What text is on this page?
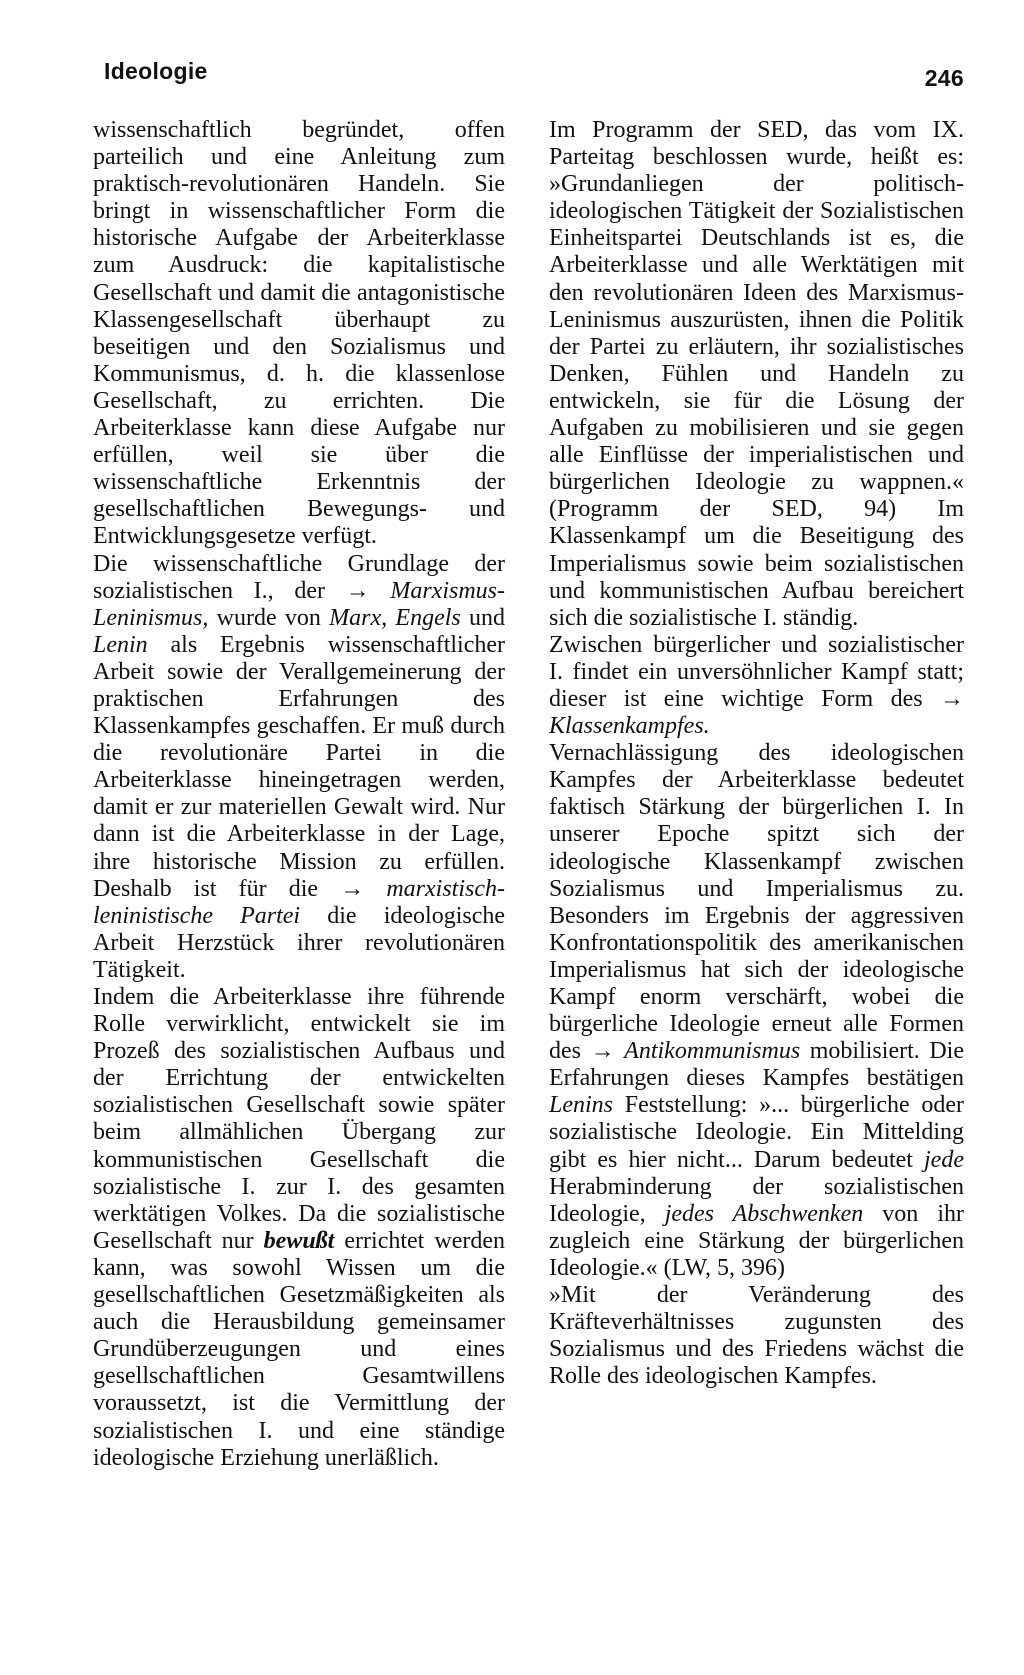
Ideologie	246

wissenschaftlich begründet, offen parteilich und eine Anleitung zum praktisch-revolutionären Handeln. Sie bringt in wissenschaftlicher Form die historische Aufgabe der Arbeiterklasse zum Ausdruck: die kapitalistische Gesellschaft und damit die antagonistische Klassengesellschaft überhaupt zu beseitigen und den Sozialismus und Kommunismus, d. h. die klassenlose Gesellschaft, zu errichten. Die Arbeiterklasse kann diese Aufgabe nur erfüllen, weil sie über die wissenschaftliche Erkenntnis der gesellschaftlichen Bewegungs- und Entwicklungsgesetze verfügt.

Die wissenschaftliche Grundlage der sozialistischen I., der → Marxismus-Leninismus, wurde von Marx, Engels und Lenin als Ergebnis wissenschaftlicher Arbeit sowie der Verallgemeinerung der praktischen Erfahrungen des Klassenkampfes geschaffen. Er muß durch die revolutionäre Partei in die Arbeiterklasse hineingetragen werden, damit er zur materiellen Gewalt wird. Nur dann ist die Arbeiterklasse in der Lage, ihre historische Mission zu erfüllen. Deshalb ist für die → marxistisch-leninistische Partei die ideologische Arbeit Herzstück ihrer revolutionären Tätigkeit.

Indem die Arbeiterklasse ihre führende Rolle verwirklicht, entwickelt sie im Prozeß des sozialistischen Aufbaus und der Errichtung der entwickelten sozialistischen Gesellschaft sowie später beim allmählichen Übergang zur kommunistischen Gesellschaft die sozialistische I. zur I. des gesamten werktätigen Volkes. Da die sozialistische Gesellschaft nur bewußt errichtet werden kann, was sowohl Wissen um die gesellschaftlichen Gesetzmäßigkeiten als auch die Herausbildung gemeinsamer Grundüberzeugungen und eines gesellschaftlichen Gesamtwillens voraussetzt, ist die Vermittlung der sozialistischen I. und eine ständige ideologische Erziehung unerläßlich.

Im Programm der SED, das vom IX. Parteitag beschlossen wurde, heißt es: »Grundanliegen der politisch-ideologischen Tätigkeit der Sozialistischen Einheitspartei Deutschlands ist es, die Arbeiterklasse und alle Werktätigen mit den revolutionären Ideen des Marxismus-Leninismus auszurüsten, ihnen die Politik der Partei zu erläutern, ihr sozialistisches Denken, Fühlen und Handeln zu entwickeln, sie für die Lösung der Aufgaben zu mobilisieren und sie gegen alle Einflüsse der imperialistischen und bürgerlichen Ideologie zu wappnen.« (Programm der SED, 94) Im Klassenkampf um die Beseitigung des Imperialismus sowie beim sozialistischen und kommunistischen Aufbau bereichert sich die sozialistische I. ständig.

Zwischen bürgerlicher und sozialistischer I. findet ein unversöhnlicher Kampf statt; dieser ist eine wichtige Form des → Klassenkampfes.

Vernachlässigung des ideologischen Kampfes der Arbeiterklasse bedeutet faktisch Stärkung der bürgerlichen I. In unserer Epoche spitzt sich der ideologische Klassenkampf zwischen Sozialismus und Imperialismus zu. Besonders im Ergebnis der aggressiven Konfrontationspolitik des amerikanischen Imperialismus hat sich der ideologische Kampf enorm verschärft, wobei die bürgerliche Ideologie erneut alle Formen des → Antikommunismus mobilisiert. Die Erfahrungen dieses Kampfes bestätigen Lenins Feststellung: »... bürgerliche oder sozialistische Ideologie. Ein Mittelding gibt es hier nicht... Darum bedeutet jede Herabminderung der sozialistischen Ideologie, jedes Abschwenken von ihr zugleich eine Stärkung der bürgerlichen Ideologie.« (LW, 5, 396)

»Mit der Veränderung des Kräfteverhältnisses zugunsten des Sozialismus und des Friedens wächst die Rolle des ideologischen Kampfes.
